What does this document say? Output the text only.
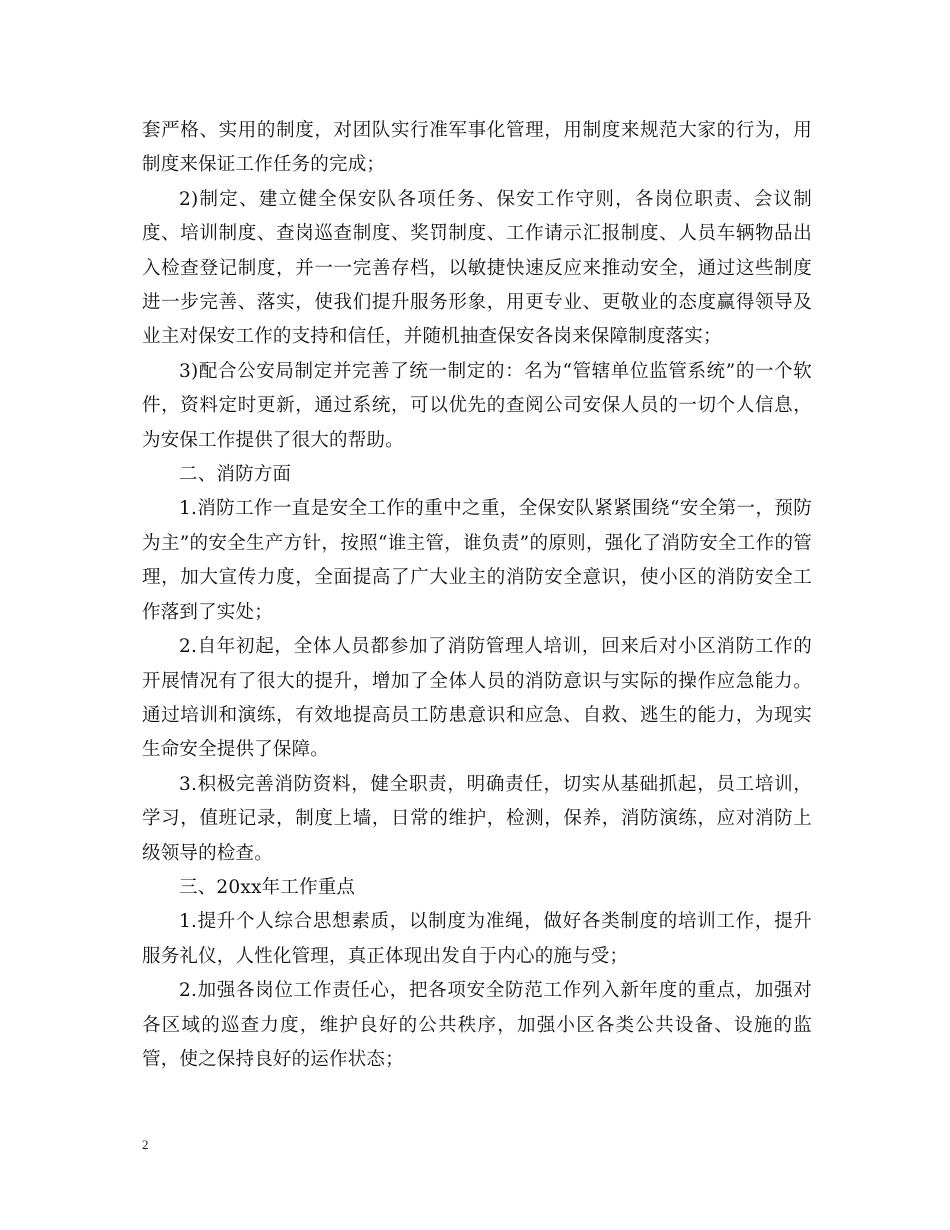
套严格、实用的制度，对团队实行准军事化管理，用制度来规范大家的行为，用制度来保证工作任务的完成；

2)制定、建立健全保安队各项任务、保安工作守则，各岗位职责、会议制度、培训制度、查岗巡查制度、奖罚制度、工作请示汇报制度、人员车辆物品出入检查登记制度，并一一完善存档，以敏捷快速反应来推动安全，通过这些制度进一步完善、落实，使我们提升服务形象，用更专业、更敬业的态度赢得领导及业主对保安工作的支持和信任，并随机抽查保安各岗来保障制度落实；

3)配合公安局制定并完善了统一制定的：名为“管辖单位监管系统”的一个软件，资料定时更新，通过系统，可以优先的查阅公司安保人员的一切个人信息，为安保工作提供了很大的帮助。

二、消防方面

1.消防工作一直是安全工作的重中之重，全保安队紧紧围绕“安全第一，预防为主”的安全生产方针，按照“谁主管，谁负责”的原则，强化了消防安全工作的管理，加大宣传力度，全面提高了广大业主的消防安全意识，使小区的消防安全工作落到了实处；

2.自年初起，全体人员都参加了消防管理人培训，回来后对小区消防工作的开展情况有了很大的提升，增加了全体人员的消防意识与实际的操作应急能力。通过培训和演练，有效地提高员工防患意识和应急、自救、逃生的能力，为现实生命安全提供了保障。

3.积极完善消防资料，健全职责，明确责任，切实从基础抓起，员工培训，学习，值班记录，制度上墙，日常的维护，检测，保养，消防演练，应对消防上级领导的检查。

三、20xx年工作重点

1.提升个人综合思想素质，以制度为准绳，做好各类制度的培训工作，提升服务礼仪，人性化管理，真正体现出发自于内心的施与受；

2.加强各岗位工作责任心，把各项安全防范工作列入新年度的重点，加强对各区域的巡查力度，维护良好的公共秩序，加强小区各类公共设备、设施的监管，使之保持良好的运作状态；

2
